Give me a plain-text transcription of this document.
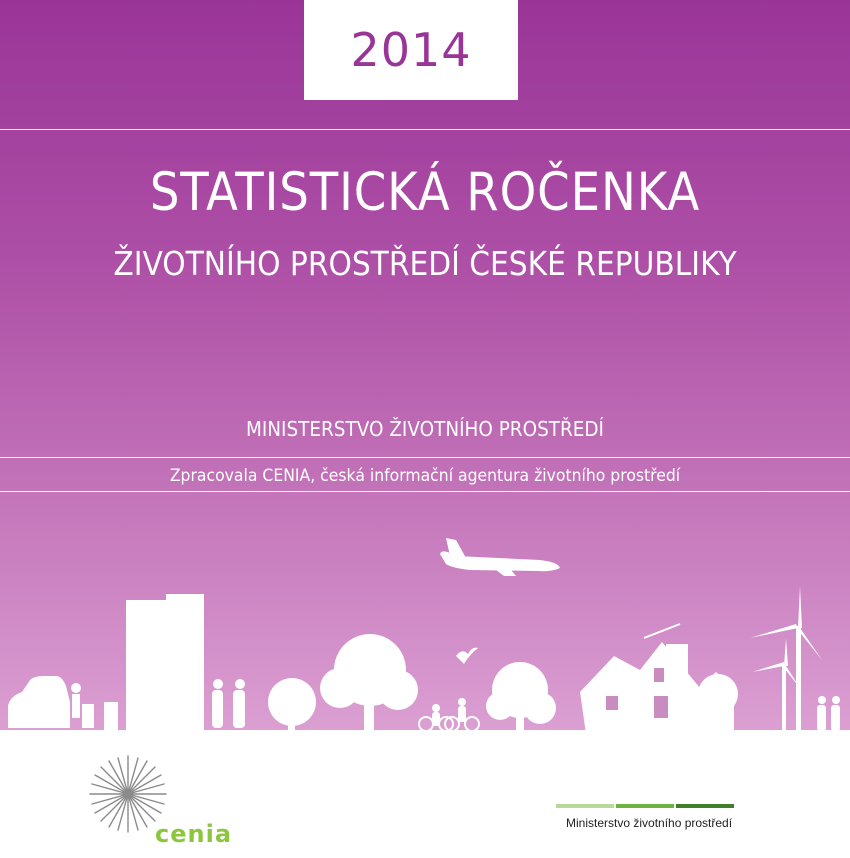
2014
STATISTICKÁ ROČENKA
ŽIVOTNÍHO PROSTŘEDÍ ČESKÉ REPUBLIKY
MINISTERSTVO ŽIVOTNÍHO PROSTŘEDÍ
Zpracovala CENIA, česká informační agentura životního prostředí
cenia	Ministerstvo životního prostředí
